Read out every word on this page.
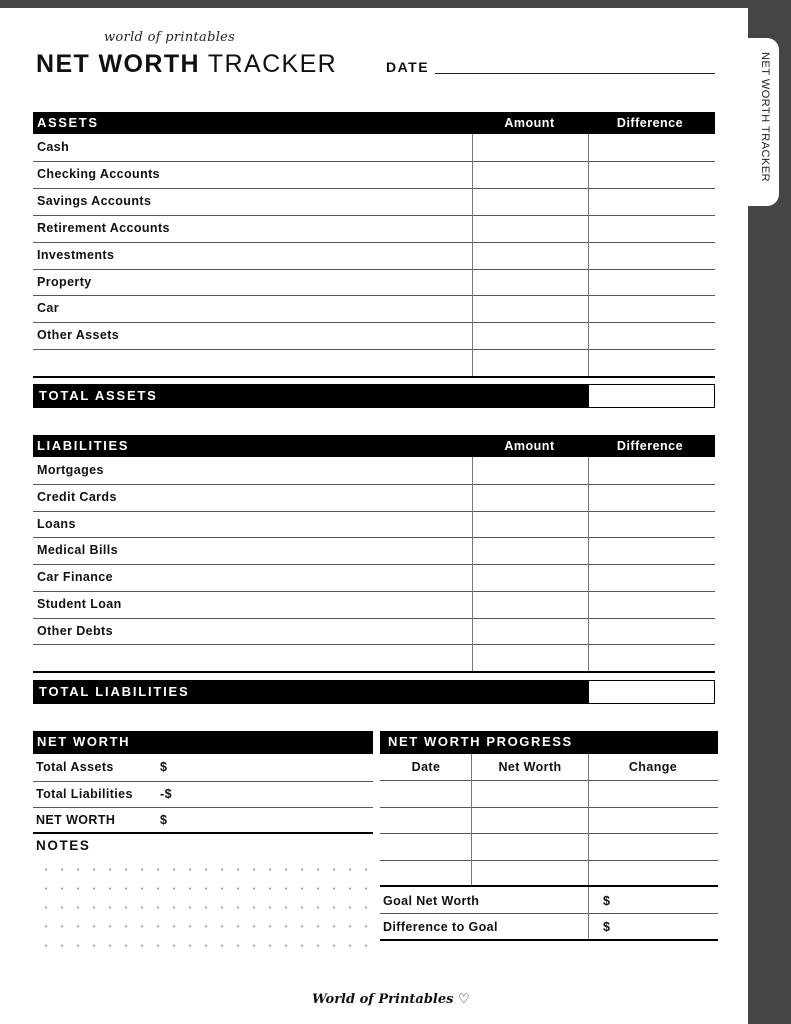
NET WORTH TRACKER
world of printables
NET WORTH TRACKER	DATE
ASSETS	Amount	Difference
Cash
Checking Accounts
Savings Accounts
Retirement Accounts
Investments
Property
Car
Other Assets
TOTAL ASSETS
LIABILITIES	Amount	Difference
Mortgages
Credit Cards
Loans
Medical Bills
Car Finance
Student Loan
Other Debts
TOTAL LIABILITIES
NET WORTH
Total Assets	$
Total Liabilities -$
NET WORTH	$
NOTES
NET WORTH PROGRESS
Date	Net Worth	Change
Goal Net Worth	$
Difference to Goal	$
World of Printables ♡
